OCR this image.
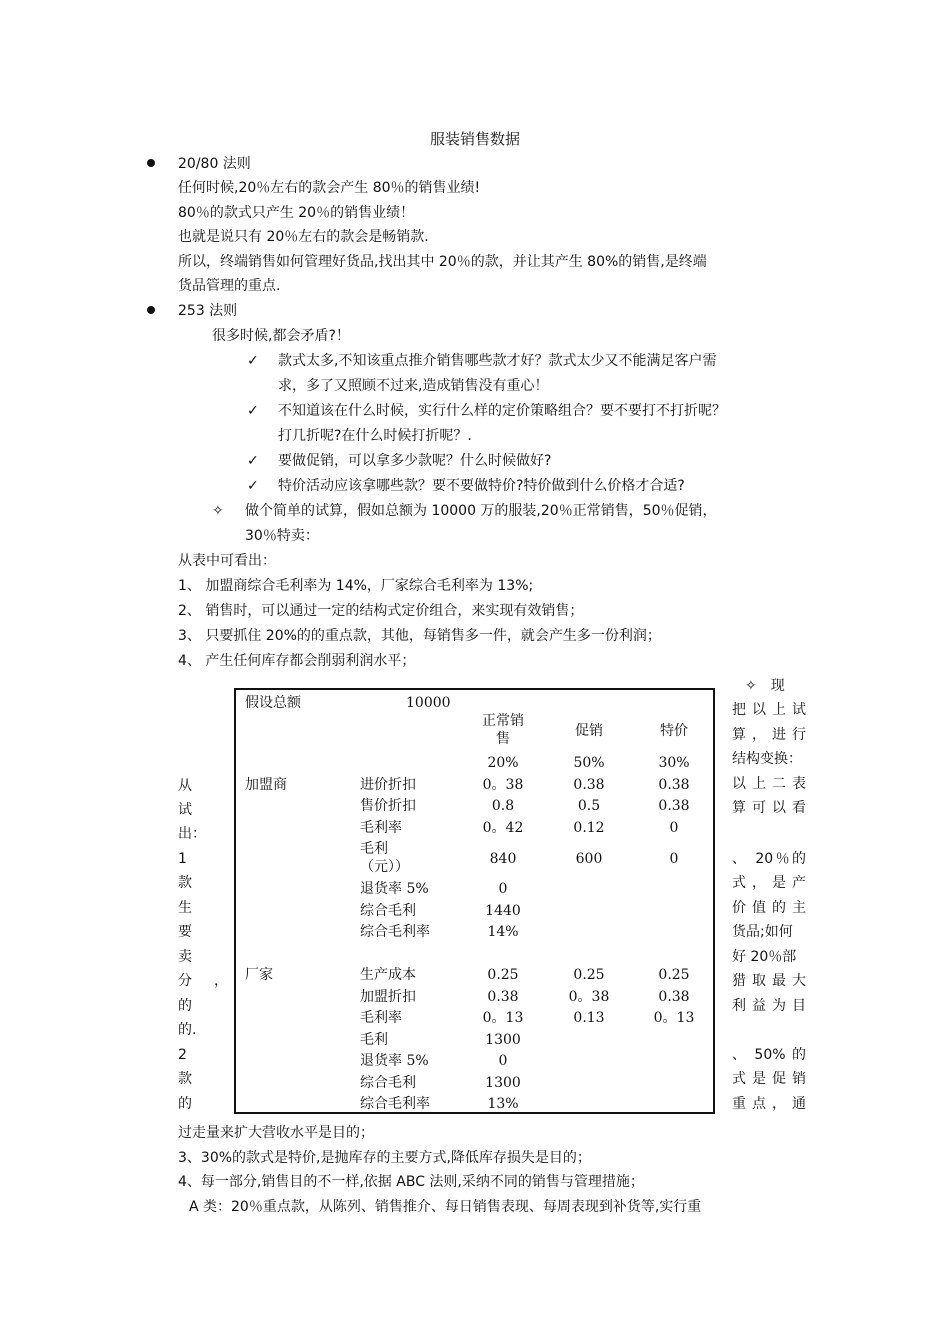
服装销售数据
20/80 法则
任何时候,20％左右的款会产生 80％的销售业绩!
80％的款式只产生 20％的销售业绩！
也就是说只有 20％左右的款会是畅销款.
所以，终端销售如何管理好货品,找出其中 20％的款，并让其产生 80%的销售,是终端
货品管理的重点.
253 法则
很多时候,都会矛盾?！
✓ 款式太多,不知该重点推介销售哪些款才好？款式太少又不能满足客户需
求，多了又照顾不过来,造成销售没有重心！
✓ 不知道该在什么时候，实行什么样的定价策略组合？要不要打不打折呢？
打几折呢?在什么时候打折呢？.
✓ 要做促销，可以拿多少款呢？什么时候做好?
✓ 特价活动应该拿哪些款？要不要做特价?特价做到什么价格才合适?
✧ 做个简单的试算，假如总额为 10000 万的服装,20％正常销售，50％促销，
30％特卖：
从表中可看出：
1、 加盟商综合毛利率为 14%，厂家综合毛利率为 13%;
2、 销售时，可以通过一定的结构式定价组合，来实现有效销售；
3、 只要抓住 20%的的重点款，其他，每销售多一件，就会产生多一份利润；
4、 产生任何库存都会削弱利润水平；
从
试
出：
1
款
生
要
卖
分	，
的
的.
2
款
的
✧　现
把以上试
算，进行
结构变换：
以上二表
算可以看
、 20％的
式，是产
价值的主
货品;如何
好 20％部
猎取最大
利益为目
、 50% 的
式是促销
重点，通
假设总额	10000
正常销
售	促销	特价
20%	50%	30%
加盟商	进价折扣	0。38	0.38	0.38
售价折扣	0.8	0.5	0.38
毛利率	0。42	0.12	0
毛利
（元））	840	600	0
退货率 5%	0
综合毛利	1440
综合毛利率	14%
厂家	生产成本	0.25	0.25	0.25
加盟折扣	0.38	0。38	0.38
毛利率	0。13	0.13	0。13
毛利	1300
退货率 5%	0
综合毛利	1300
综合毛利率	13%
过走量来扩大营收水平是目的；
3、30%的款式是特价,是抛库存的主要方式,降低库存损失是目的；
4、每一部分,销售目的不一样,依据 ABC 法则,采纳不同的销售与管理措施；
A 类：20％重点款，从陈列、销售推介、每日销售表现、每周表现到补货等,实行重
